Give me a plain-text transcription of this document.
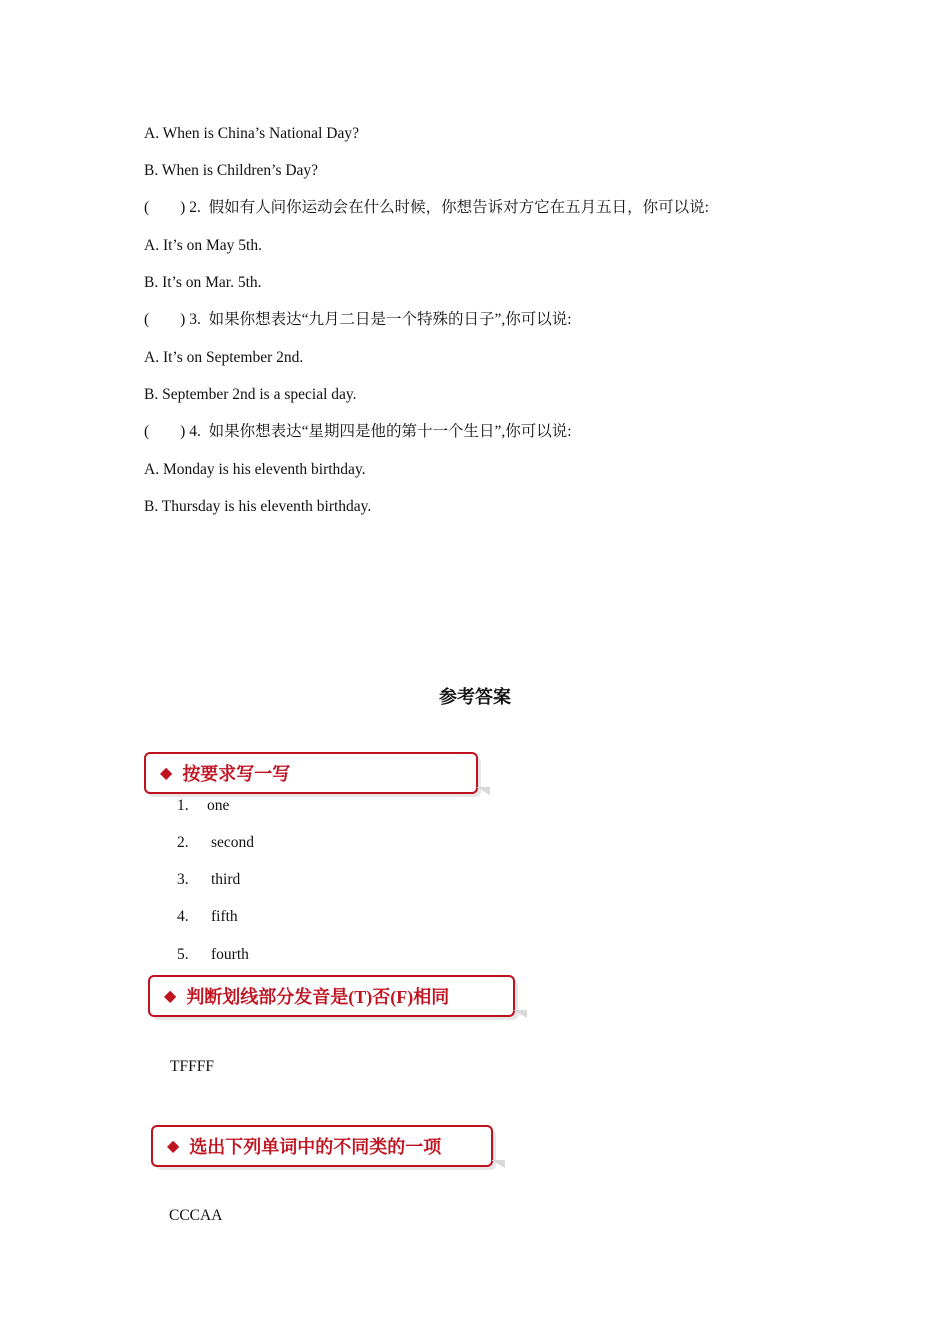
A. When is China’s National Day?
B. When is Children’s Day?
(        ) 2.  假如有人问你运动会在什么时候，你想告诉对方它在五月五日，你可以说:
A. It’s on May 5th.
B. It’s on Mar. 5th.
(        ) 3.  如果你想表达“九月二日是一个特殊的日子”,你可以说:
A. It’s on September 2nd.
B. September 2nd is a special day.
(        ) 4.  如果你想表达“星期四是他的第十一个生日”,你可以说:
A. Monday is his eleventh birthday.
B. Thursday is his eleventh birthday.
参考答案
◆ 按要求写一写
1. one
2. second
3. third
4. fifth
5. fourth
◆ 判断划线部分发音是(T)否(F)相同
TFFFF
◆ 选出下列单词中的不同类的一项
CCCAA
